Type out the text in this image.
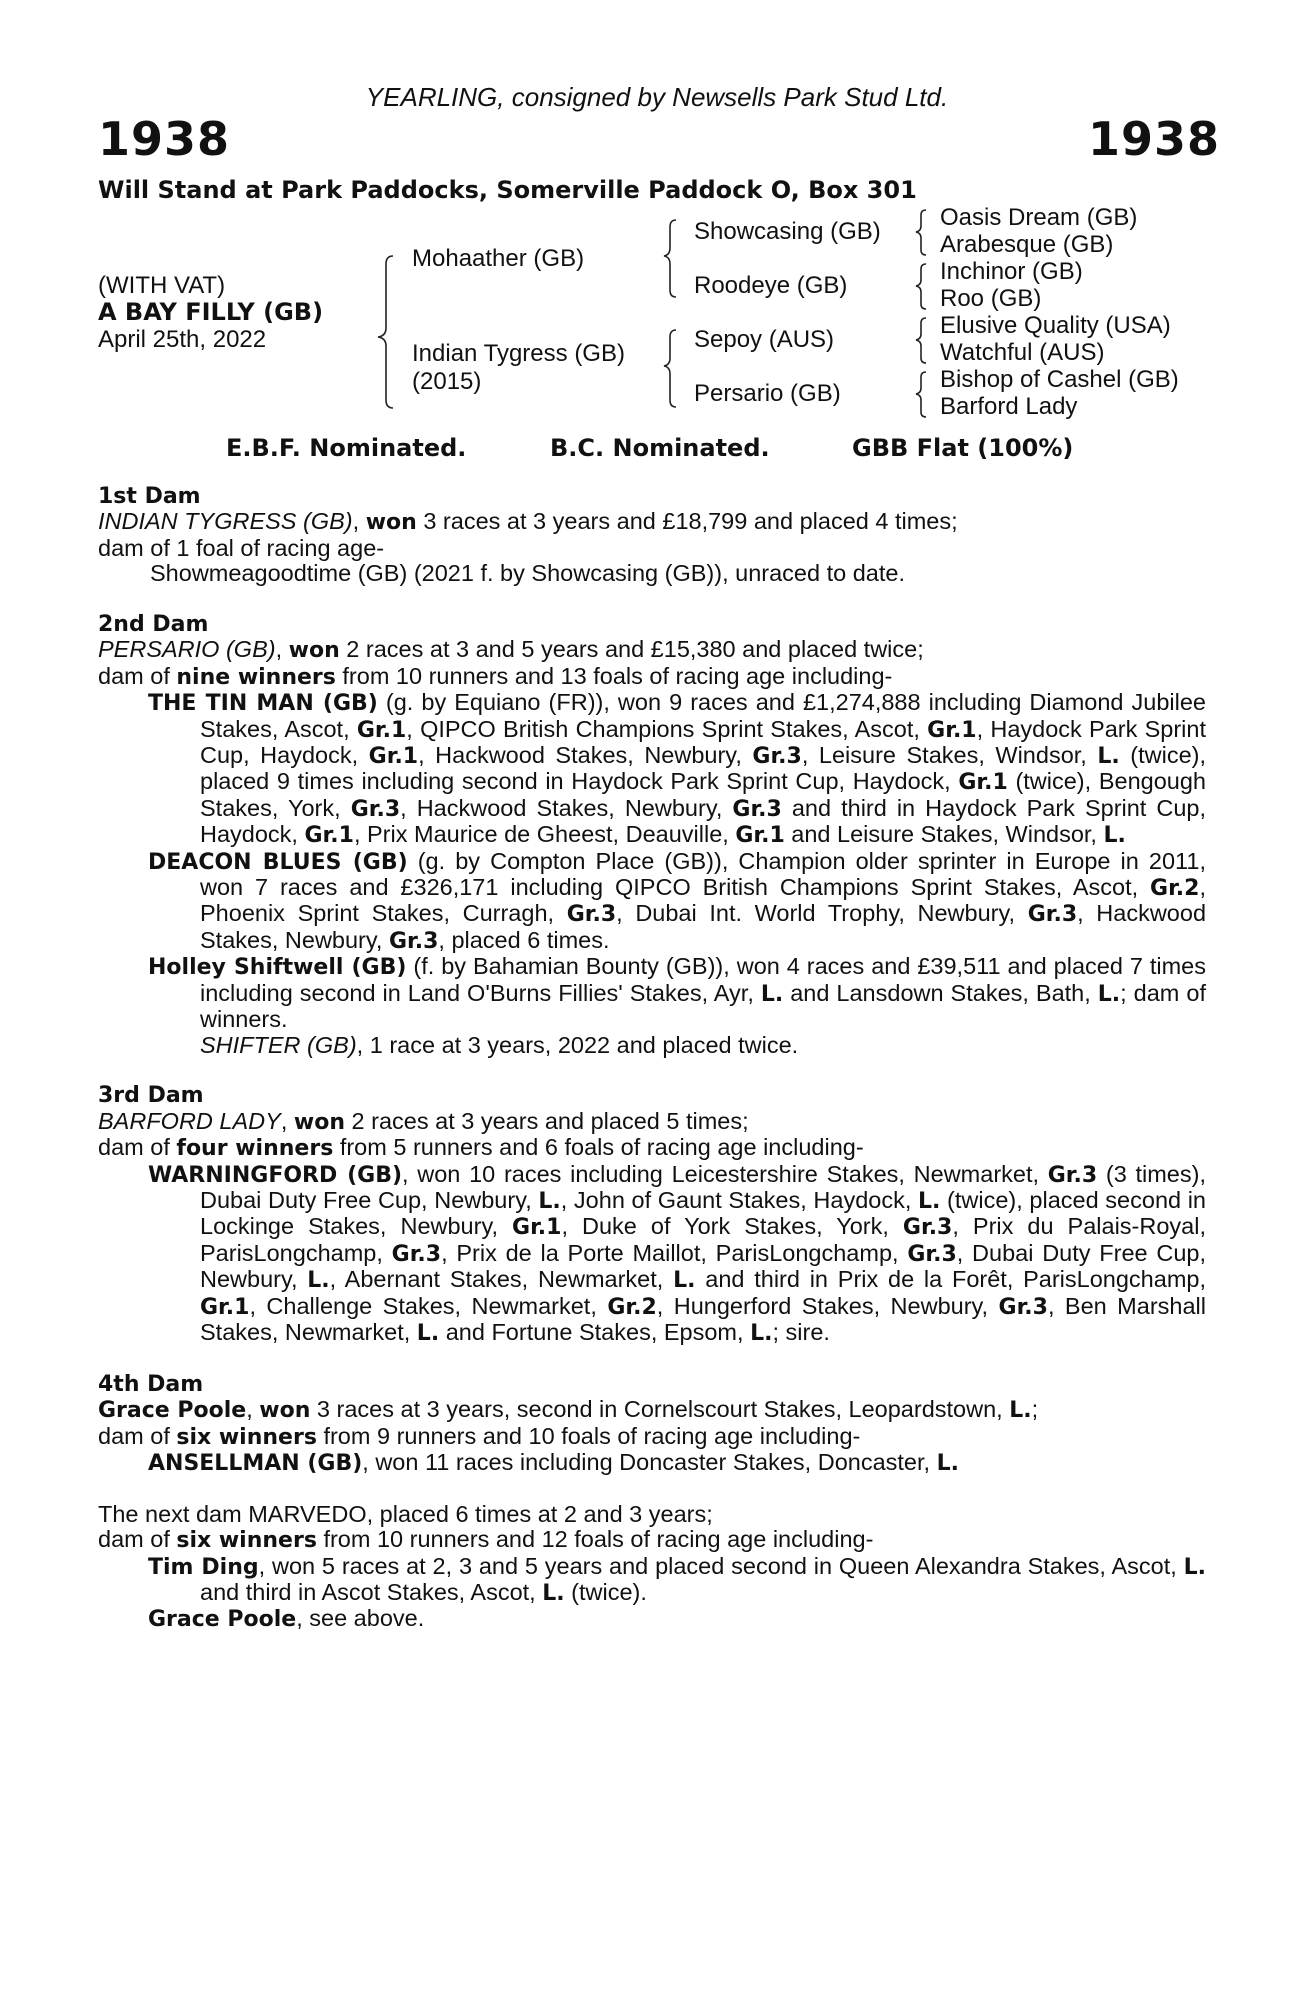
YEARLING, consigned by Newsells Park Stud Ltd.
1938	1938
Will Stand at Park Paddocks, Somerville Paddock O, Box 301
(WITH VAT)
A BAY FILLY (GB)
April 25th, 2022
Mohaather (GB)
Indian Tygress (GB)
(2015)
Showcasing (GB)
Roodeye (GB)
Sepoy (AUS)
Persario (GB)
Oasis Dream (GB)
Arabesque (GB)
Inchinor (GB)
Roo (GB)
Elusive Quality (USA)
Watchful (AUS)
Bishop of Cashel (GB)
Barford Lady
E.B.F. Nominated.	B.C. Nominated.	GBB Flat (100%)
1st Dam
INDIAN TYGRESS (GB), won 3 races at 3 years and £18,799 and placed 4 times;
dam of 1 foal of racing age-
Showmeagoodtime (GB) (2021 f. by Showcasing (GB)), unraced to date.
2nd Dam
PERSARIO (GB), won 2 races at 3 and 5 years and £15,380 and placed twice;
dam of nine winners from 10 runners and 13 foals of racing age including-
THE TIN MAN (GB) (g. by Equiano (FR)), won 9 races and £1,274,888 including Diamond Jubilee Stakes, Ascot, Gr.1, QIPCO British Champions Sprint Stakes, Ascot, Gr.1, Haydock Park Sprint Cup, Haydock, Gr.1, Hackwood Stakes, Newbury, Gr.3, Leisure Stakes, Windsor, L. (twice), placed 9 times including second in Haydock Park Sprint Cup, Haydock, Gr.1 (twice), Bengough Stakes, York, Gr.3, Hackwood Stakes, Newbury, Gr.3 and third in Haydock Park Sprint Cup, Haydock, Gr.1, Prix Maurice de Gheest, Deauville, Gr.1 and Leisure Stakes, Windsor, L.
DEACON BLUES (GB) (g. by Compton Place (GB)), Champion older sprinter in Europe in 2011, won 7 races and £326,171 including QIPCO British Champions Sprint Stakes, Ascot, Gr.2, Phoenix Sprint Stakes, Curragh, Gr.3, Dubai Int. World Trophy, Newbury, Gr.3, Hackwood Stakes, Newbury, Gr.3, placed 6 times.
Holley Shiftwell (GB) (f. by Bahamian Bounty (GB)), won 4 races and £39,511 and placed 7 times including second in Land O'Burns Fillies' Stakes, Ayr, L. and Lansdown Stakes, Bath, L.; dam of winners.
SHIFTER (GB), 1 race at 3 years, 2022 and placed twice.
3rd Dam
BARFORD LADY, won 2 races at 3 years and placed 5 times;
dam of four winners from 5 runners and 6 foals of racing age including-
WARNINGFORD (GB), won 10 races including Leicestershire Stakes, Newmarket, Gr.3 (3 times), Dubai Duty Free Cup, Newbury, L., John of Gaunt Stakes, Haydock, L. (twice), placed second in Lockinge Stakes, Newbury, Gr.1, Duke of York Stakes, York, Gr.3, Prix du Palais-Royal, ParisLongchamp, Gr.3, Prix de la Porte Maillot, ParisLongchamp, Gr.3, Dubai Duty Free Cup, Newbury, L., Abernant Stakes, Newmarket, L. and third in Prix de la Forêt, ParisLongchamp, Gr.1, Challenge Stakes, Newmarket, Gr.2, Hungerford Stakes, Newbury, Gr.3, Ben Marshall Stakes, Newmarket, L. and Fortune Stakes, Epsom, L.; sire.
4th Dam
Grace Poole, won 3 races at 3 years, second in Cornelscourt Stakes, Leopardstown, L.;
dam of six winners from 9 runners and 10 foals of racing age including-
ANSELLMAN (GB), won 11 races including Doncaster Stakes, Doncaster, L.
The next dam MARVEDO, placed 6 times at 2 and 3 years;
dam of six winners from 10 runners and 12 foals of racing age including-
Tim Ding, won 5 races at 2, 3 and 5 years and placed second in Queen Alexandra Stakes, Ascot, L. and third in Ascot Stakes, Ascot, L. (twice).
Grace Poole, see above.
